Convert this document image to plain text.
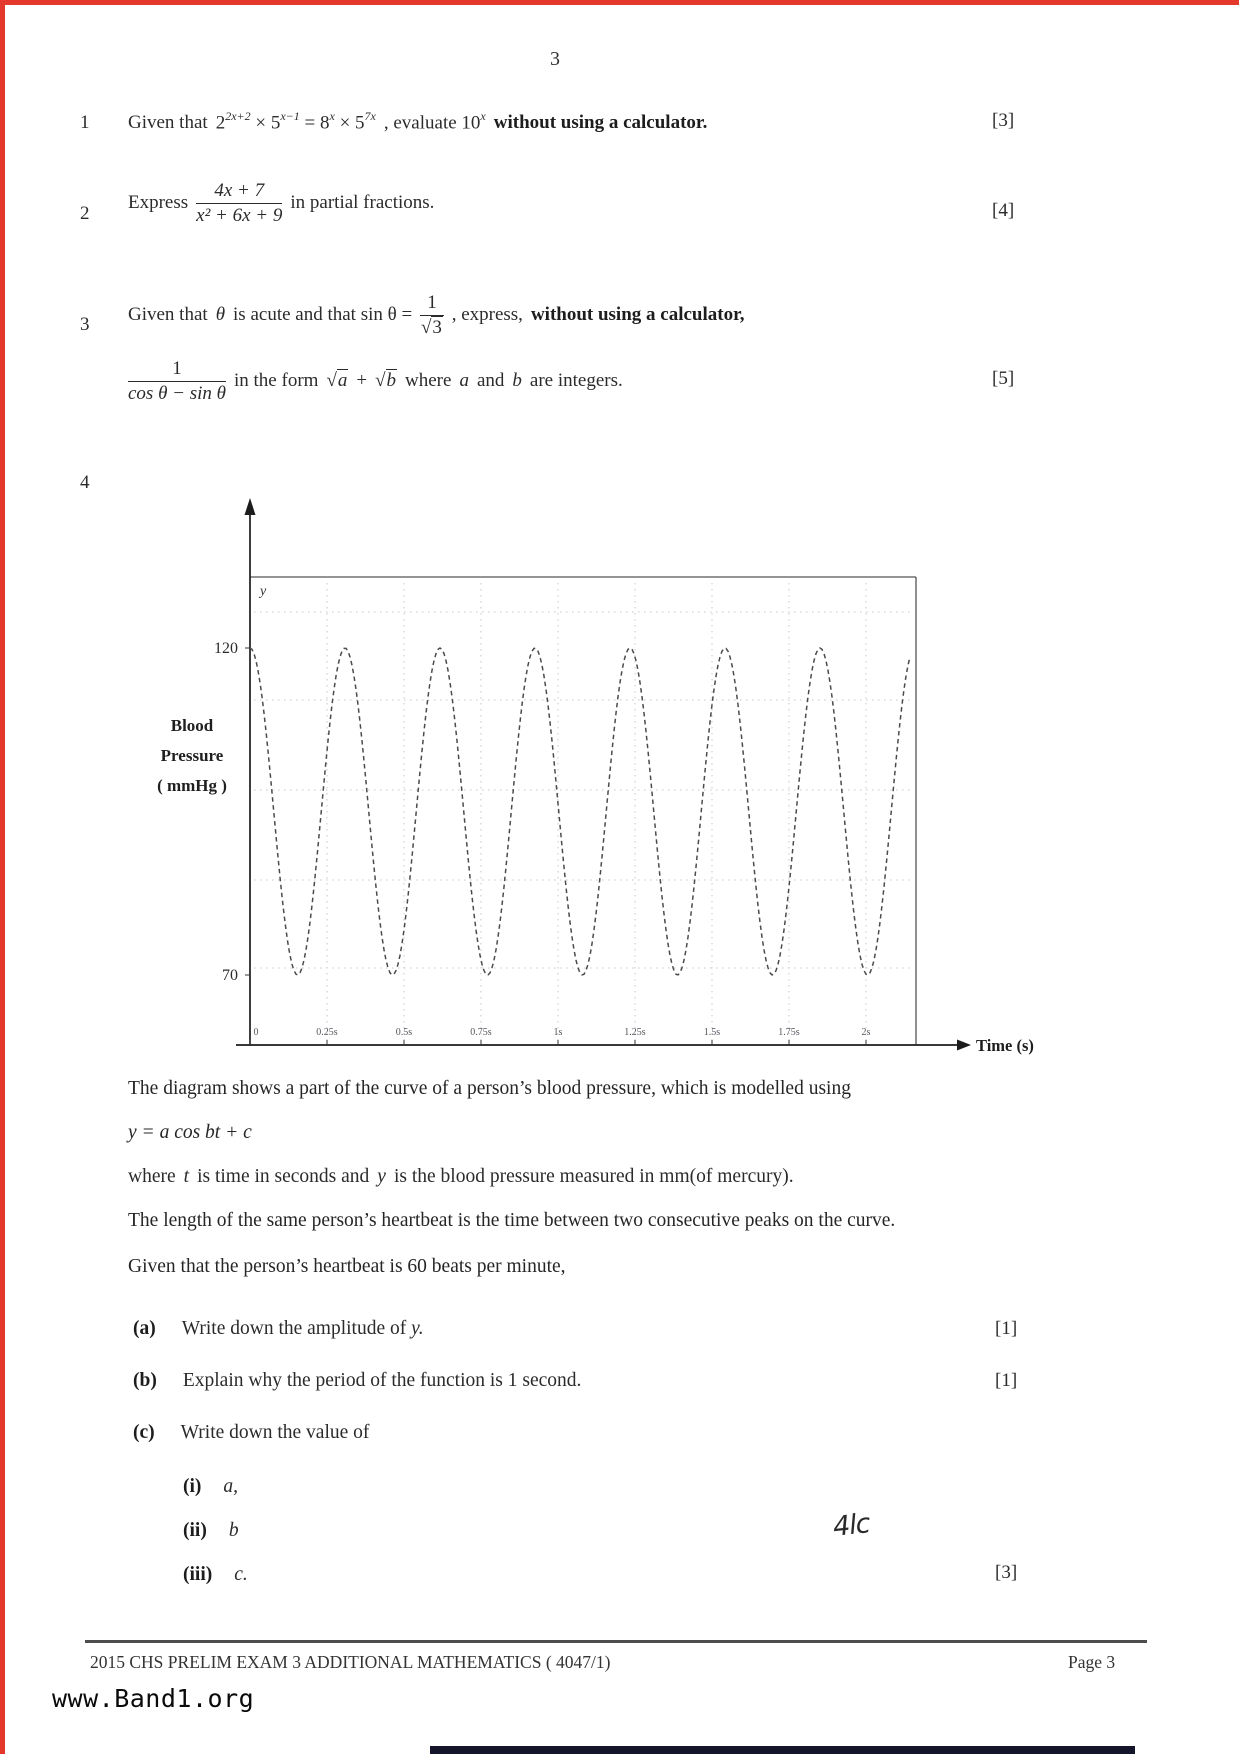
3
1 Given that $2^{2x+2} \times 5^{x-1} = 8^x \times 5^{7x}$ , evaluate 10$^x$ without using a calculator.	[3]
2
Express $\frac{4x + 7}{\text{x² + 6x + 9}}$ in partial fractions.	[4]
3 Given that θ is acute and that $\sin \theta = \frac{1}{√3}$ , express, without using a calculator,
$\frac{1}{\text{cos θ − sin θ}}$ in the form √a + √b where a and b are integers.	[5]
4
0	0.25s	0.5s	0.75s	1s	1.25s	1.5s	1.75s	2s
120
70
Blood
Pressure
( mmHg )
y
Time (s)
The diagram shows a part of the curve of a person’s blood pressure, which is modelled using
y = a cos bt + c
where t is time in seconds and y is the blood pressure measured in mm(of mercury).
The length of the same person’s heartbeat is the time between two consecutive peaks on the curve.
Given that the person’s heartbeat is 60 beats per minute,
(a) Write down the amplitude of y.	[1]
(b) Explain why the period of the function is 1 second.	[1]
(c) Write down the value of
(i) a,
(ii) b
(iii) c.
4lc
[3]
2015 CHS PRELIM EXAM 3 ADDITIONAL MATHEMATICS ( 4047/1)	Page 3
www.Band1.org
